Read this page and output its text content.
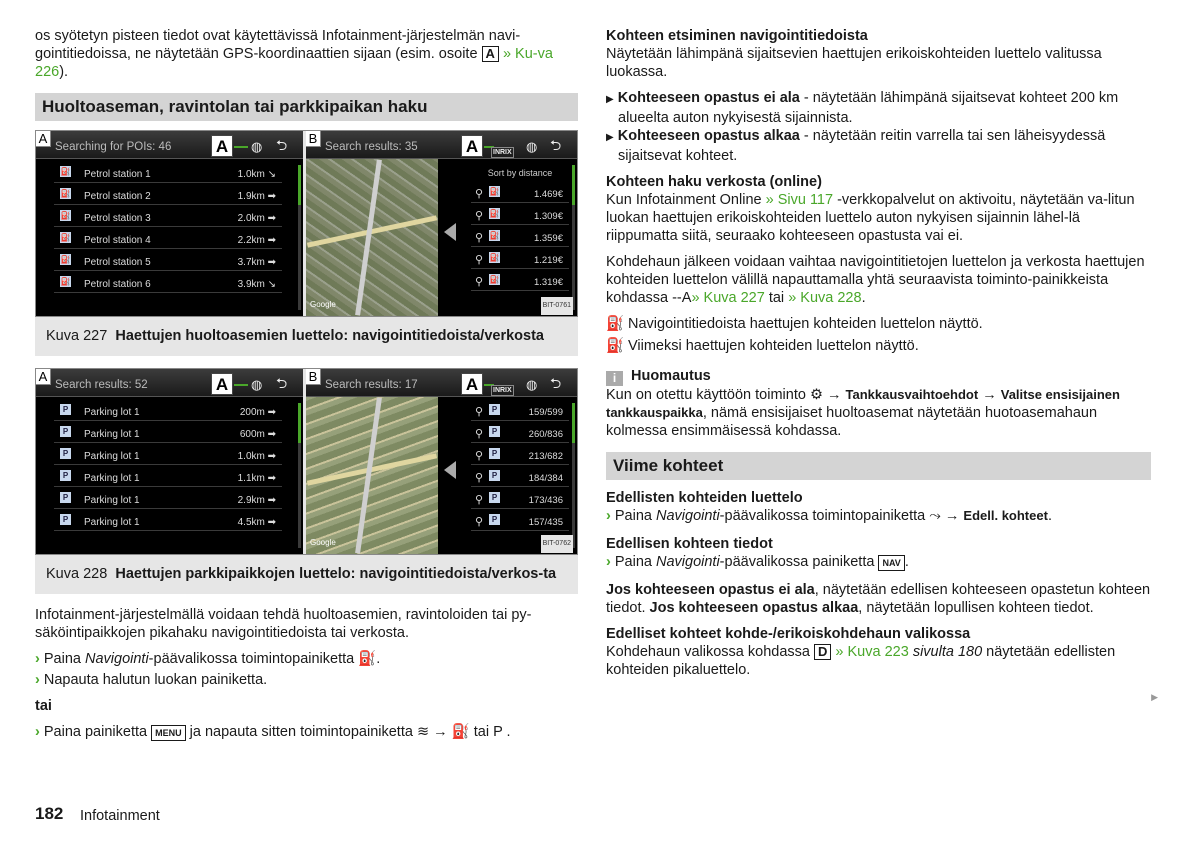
os syötetyn pisteen tiedot ovat käytettävissä Infotainment-järjestelmän navi-gointitiedoissa, ne näytetään GPS-koordinaattien sijaan (esim. osoite A » Ku-va 226).

Huoltoaseman, ravintolan tai parkkipaikan haku
A
Searching for POIs: 46	A	◍ ⮌
⛽ Petrol station 1	1.0km ↘
⛽ Petrol station 2	1.9km ➡
⛽ Petrol station 3	2.0km ➡
⛽ Petrol station 4	2.2km ➡
⛽ Petrol station 5	3.7km ➡
⛽ Petrol station 6	3.9km ↘
B
Search results: 35	A	INRIX ◍ ⮌
Google
Sort by distance
⚲ ⛽	1.469€
⚲ ⛽	1.309€
⚲ ⛽	1.359€
⚲ ⛽	1.219€
⚲ ⛽	1.319€
BIT-0761
Kuva 227 Haettujen huoltoasemien luettelo: navigointitiedoista/verkosta
A
Search results: 52	A	◍ ⮌
P Parking lot 1	200m ➡
P Parking lot 1	600m ➡
P Parking lot 1	1.0km ➡
P Parking lot 1	1.1km ➡
P Parking lot 1	2.9km ➡
P Parking lot 1	4.5km ➡
B
Search results: 17	A	INRIX ◍ ⮌
Google
⚲	P	159/599
⚲	P	260/836
⚲	P	213/682
⚲	P	184/384
⚲	P	173/436
⚲	P	157/435
BIT-0762
Kuva 228 Haettujen parkkipaikkojen luettelo: navigointitiedoista/verkos-ta

Infotainment-järjestelmällä voidaan tehdä huoltoasemien, ravintoloiden tai py-säköintipaikkojen pikahaku navigointitiedoista tai verkosta.

› Paina Navigointi-päävalikossa toimintopainiketta ⛽.
› Napauta halutun luokan painiketta.

tai

› Paina painiketta MENU ja napauta sitten toimintopainiketta ≋ → ⛽ tai P .

Kohteen etsiminen navigointitiedoista

Näytetään lähimpänä sijaitsevien haettujen erikoiskohteiden luettelo valitussa luokassa.

▶ Kohteeseen opastus ei ala - näytetään lähimpänä sijaitsevat kohteet 200 km alueelta auton nykyisestä sijainnista.
▶ Kohteeseen opastus alkaa - näytetään reitin varrella tai sen läheisyydessä sijaitsevat kohteet.

Kohteen haku verkosta (online)

Kun Infotainment Online » Sivu 117 -verkkopalvelut on aktivoitu, näytetään va-litun luokan haettujen erikoiskohteiden luettelo auton nykyisen sijainnin lähel-lä riippumatta siitä, seuraako kohteeseen opastusta vai ei.

Kohdehaun jälkeen voidaan vaihtaa navigointitietojen luettelon ja verkosta haettujen kohteiden luettelon välillä napauttamalla yhtä seuraavista toiminto-painikkeista kohdassa --A» Kuva 227 tai » Kuva 228.

⛽ Navigointitiedoista haettujen kohteiden luettelon näyttö.
⛽ Viimeksi haettujen kohteiden luettelon näyttö.
i Huomautus

Kun on otettu käyttöön toiminto ⚙ → Tankkausvaihtoehdot → Valitse ensisijainen tankkauspaikka, nämä ensisijaiset huoltoasemat näytetään huotoasemahaun kolmessa ensimmäisessä kohdassa.

Viime kohteet

Edellisten kohteiden luettelo

› Paina Navigointi-päävalikossa toimintopainiketta ⤳ → Edell. kohteet.

Edellisen kohteen tiedot

› Paina Navigointi-päävalikossa painiketta NAV .

Jos kohteeseen opastus ei ala, näytetään edellisen kohteeseen opastetun kohteen tiedot. Jos kohteeseen opastus alkaa, näytetään lopullisen kohteen tiedot.

Edelliset kohteet kohde-/erikoiskohdehaun valikossa

Kohdehaun valikossa kohdassa D » Kuva 223 sivulta 180 näytetään edellisten kohteiden pikaluettelo.

▶
182 Infotainment
